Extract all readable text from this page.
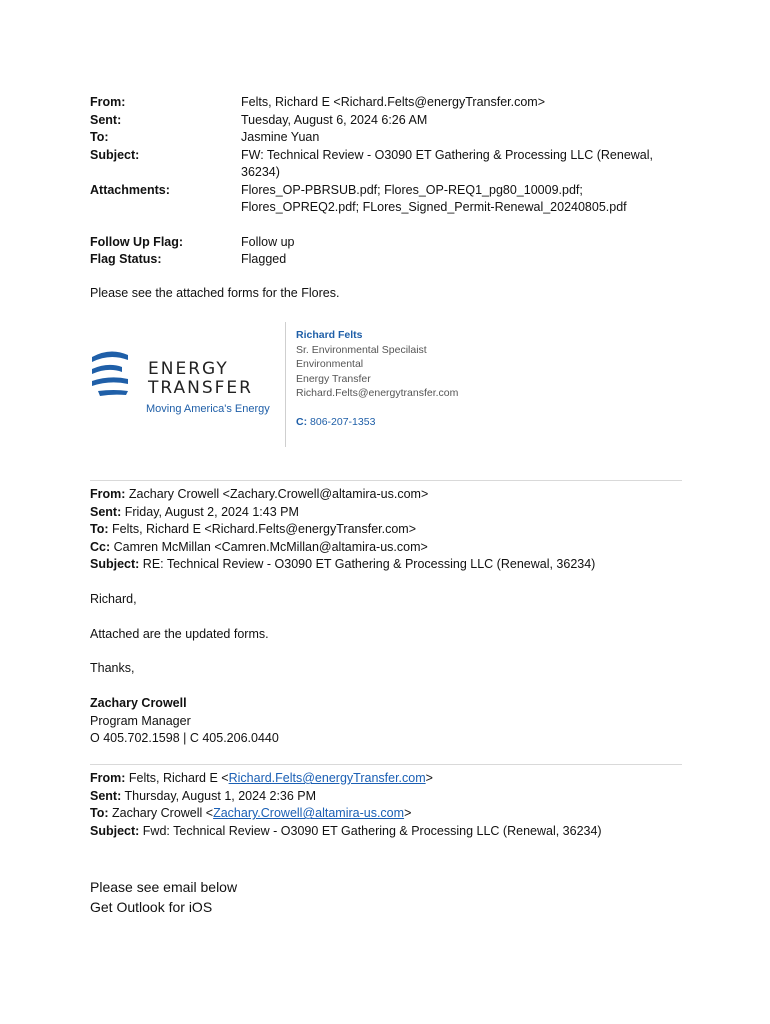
From:	Felts, Richard E <Richard.Felts@energyTransfer.com>
Sent:	Tuesday, August 6, 2024 6:26 AM
To:	Jasmine Yuan
Subject:	FW: Technical Review - O3090 ET Gathering & Processing LLC (Renewal,
36234)
Attachments:	Flores_OP-PBRSUB.pdf; Flores_OP-REQ1_pg80_10009.pdf;
Flores_OPREQ2.pdf; FLores_Signed_Permit-Renewal_20240805.pdf
Follow Up Flag:	Follow up
Flag Status:	Flagged
Please see the attached forms for the Flores.
ENERGY
TRANSFER
Moving America's Energy
Richard Felts
Sr. Environmental Specilaist
Environmental
Energy Transfer
Richard.Felts@energytransfer.com
C: 806-207-1353
From: Zachary Crowell <Zachary.Crowell@altamira-us.com>
Sent: Friday, August 2, 2024 1:43 PM
To: Felts, Richard E <Richard.Felts@energyTransfer.com>
Cc: Camren McMillan <Camren.McMillan@altamira-us.com>
Subject: RE: Technical Review - O3090 ET Gathering & Processing LLC (Renewal, 36234)
Richard,
Attached are the updated forms.
Thanks,
Zachary Crowell
Program Manager
O 405.702.1598 | C 405.206.0440
From: Felts, Richard E <Richard.Felts@energyTransfer.com>
Sent: Thursday, August 1, 2024 2:36 PM
To: Zachary Crowell <Zachary.Crowell@altamira-us.com>
Subject: Fwd: Technical Review - O3090 ET Gathering & Processing LLC (Renewal, 36234)
Please see email below
Get Outlook for iOS
